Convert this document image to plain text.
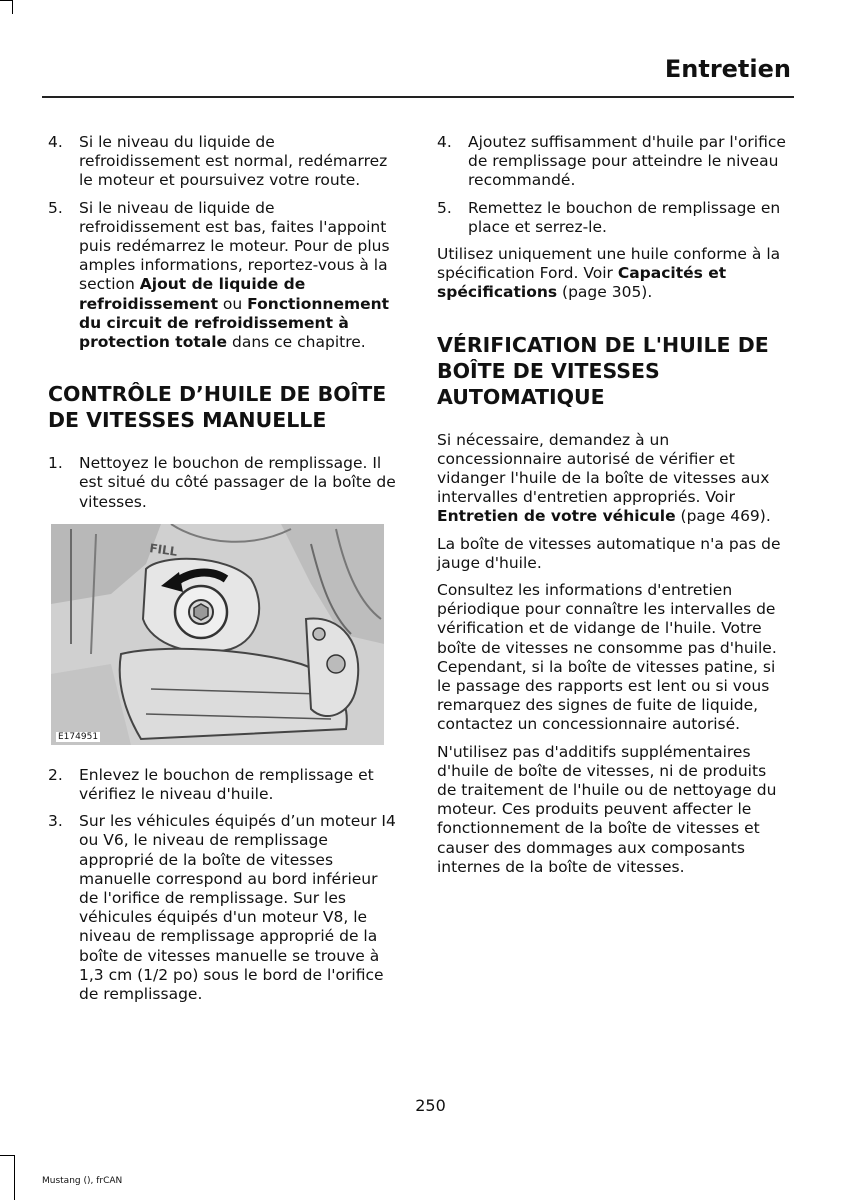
Entretien
4. Si le niveau du liquide de refroidissement est normal, redémarrez le moteur et poursuivez votre route.
5. Si le niveau de liquide de refroidissement est bas, faites l'appoint puis redémarrez le moteur. Pour de plus amples informations, reportez-vous à la section Ajout de liquide de refroidissement ou Fonctionnement du circuit de refroidissement à protection totale dans ce chapitre.
CONTRÔLE D’HUILE DE BOÎTE DE VITESSES MANUELLE
1. Nettoyez le bouchon de remplissage. Il est situé du côté passager de la boîte de vitesses.
FILL
E174951
2. Enlevez le bouchon de remplissage et vérifiez le niveau d'huile.
3. Sur les véhicules équipés d’un moteur I4 ou V6, le niveau de remplissage approprié de la boîte de vitesses manuelle correspond au bord inférieur de l'orifice de remplissage. Sur les véhicules équipés d'un moteur V8, le niveau de remplissage approprié de la boîte de vitesses manuelle se trouve à 1,3 cm (1/2 po) sous le bord de l'orifice de remplissage.
4. Ajoutez suffisamment d'huile par l'orifice de remplissage pour atteindre le niveau recommandé.
5. Remettez le bouchon de remplissage en place et serrez-le.

Utilisez uniquement une huile conforme à la spécification Ford. Voir Capacités et spécifications (page 305).

VÉRIFICATION DE L'HUILE DE BOÎTE DE VITESSES AUTOMATIQUE

Si nécessaire, demandez à un concessionnaire autorisé de vérifier et vidanger l'huile de la boîte de vitesses aux intervalles d'entretien appropriés. Voir Entretien de votre véhicule (page 469).

La boîte de vitesses automatique n'a pas de jauge d'huile.

Consultez les informations d'entretien périodique pour connaître les intervalles de vérification et de vidange de l'huile. Votre boîte de vitesses ne consomme pas d'huile. Cependant, si la boîte de vitesses patine, si le passage des rapports est lent ou si vous remarquez des signes de fuite de liquide, contactez un concessionnaire autorisé.

N'utilisez pas d'additifs supplémentaires d'huile de boîte de vitesses, ni de produits de traitement de l'huile ou de nettoyage du moteur. Ces produits peuvent affecter le fonctionnement de la boîte de vitesses et causer des dommages aux composants internes de la boîte de vitesses.

250
Mustang (), frCAN
